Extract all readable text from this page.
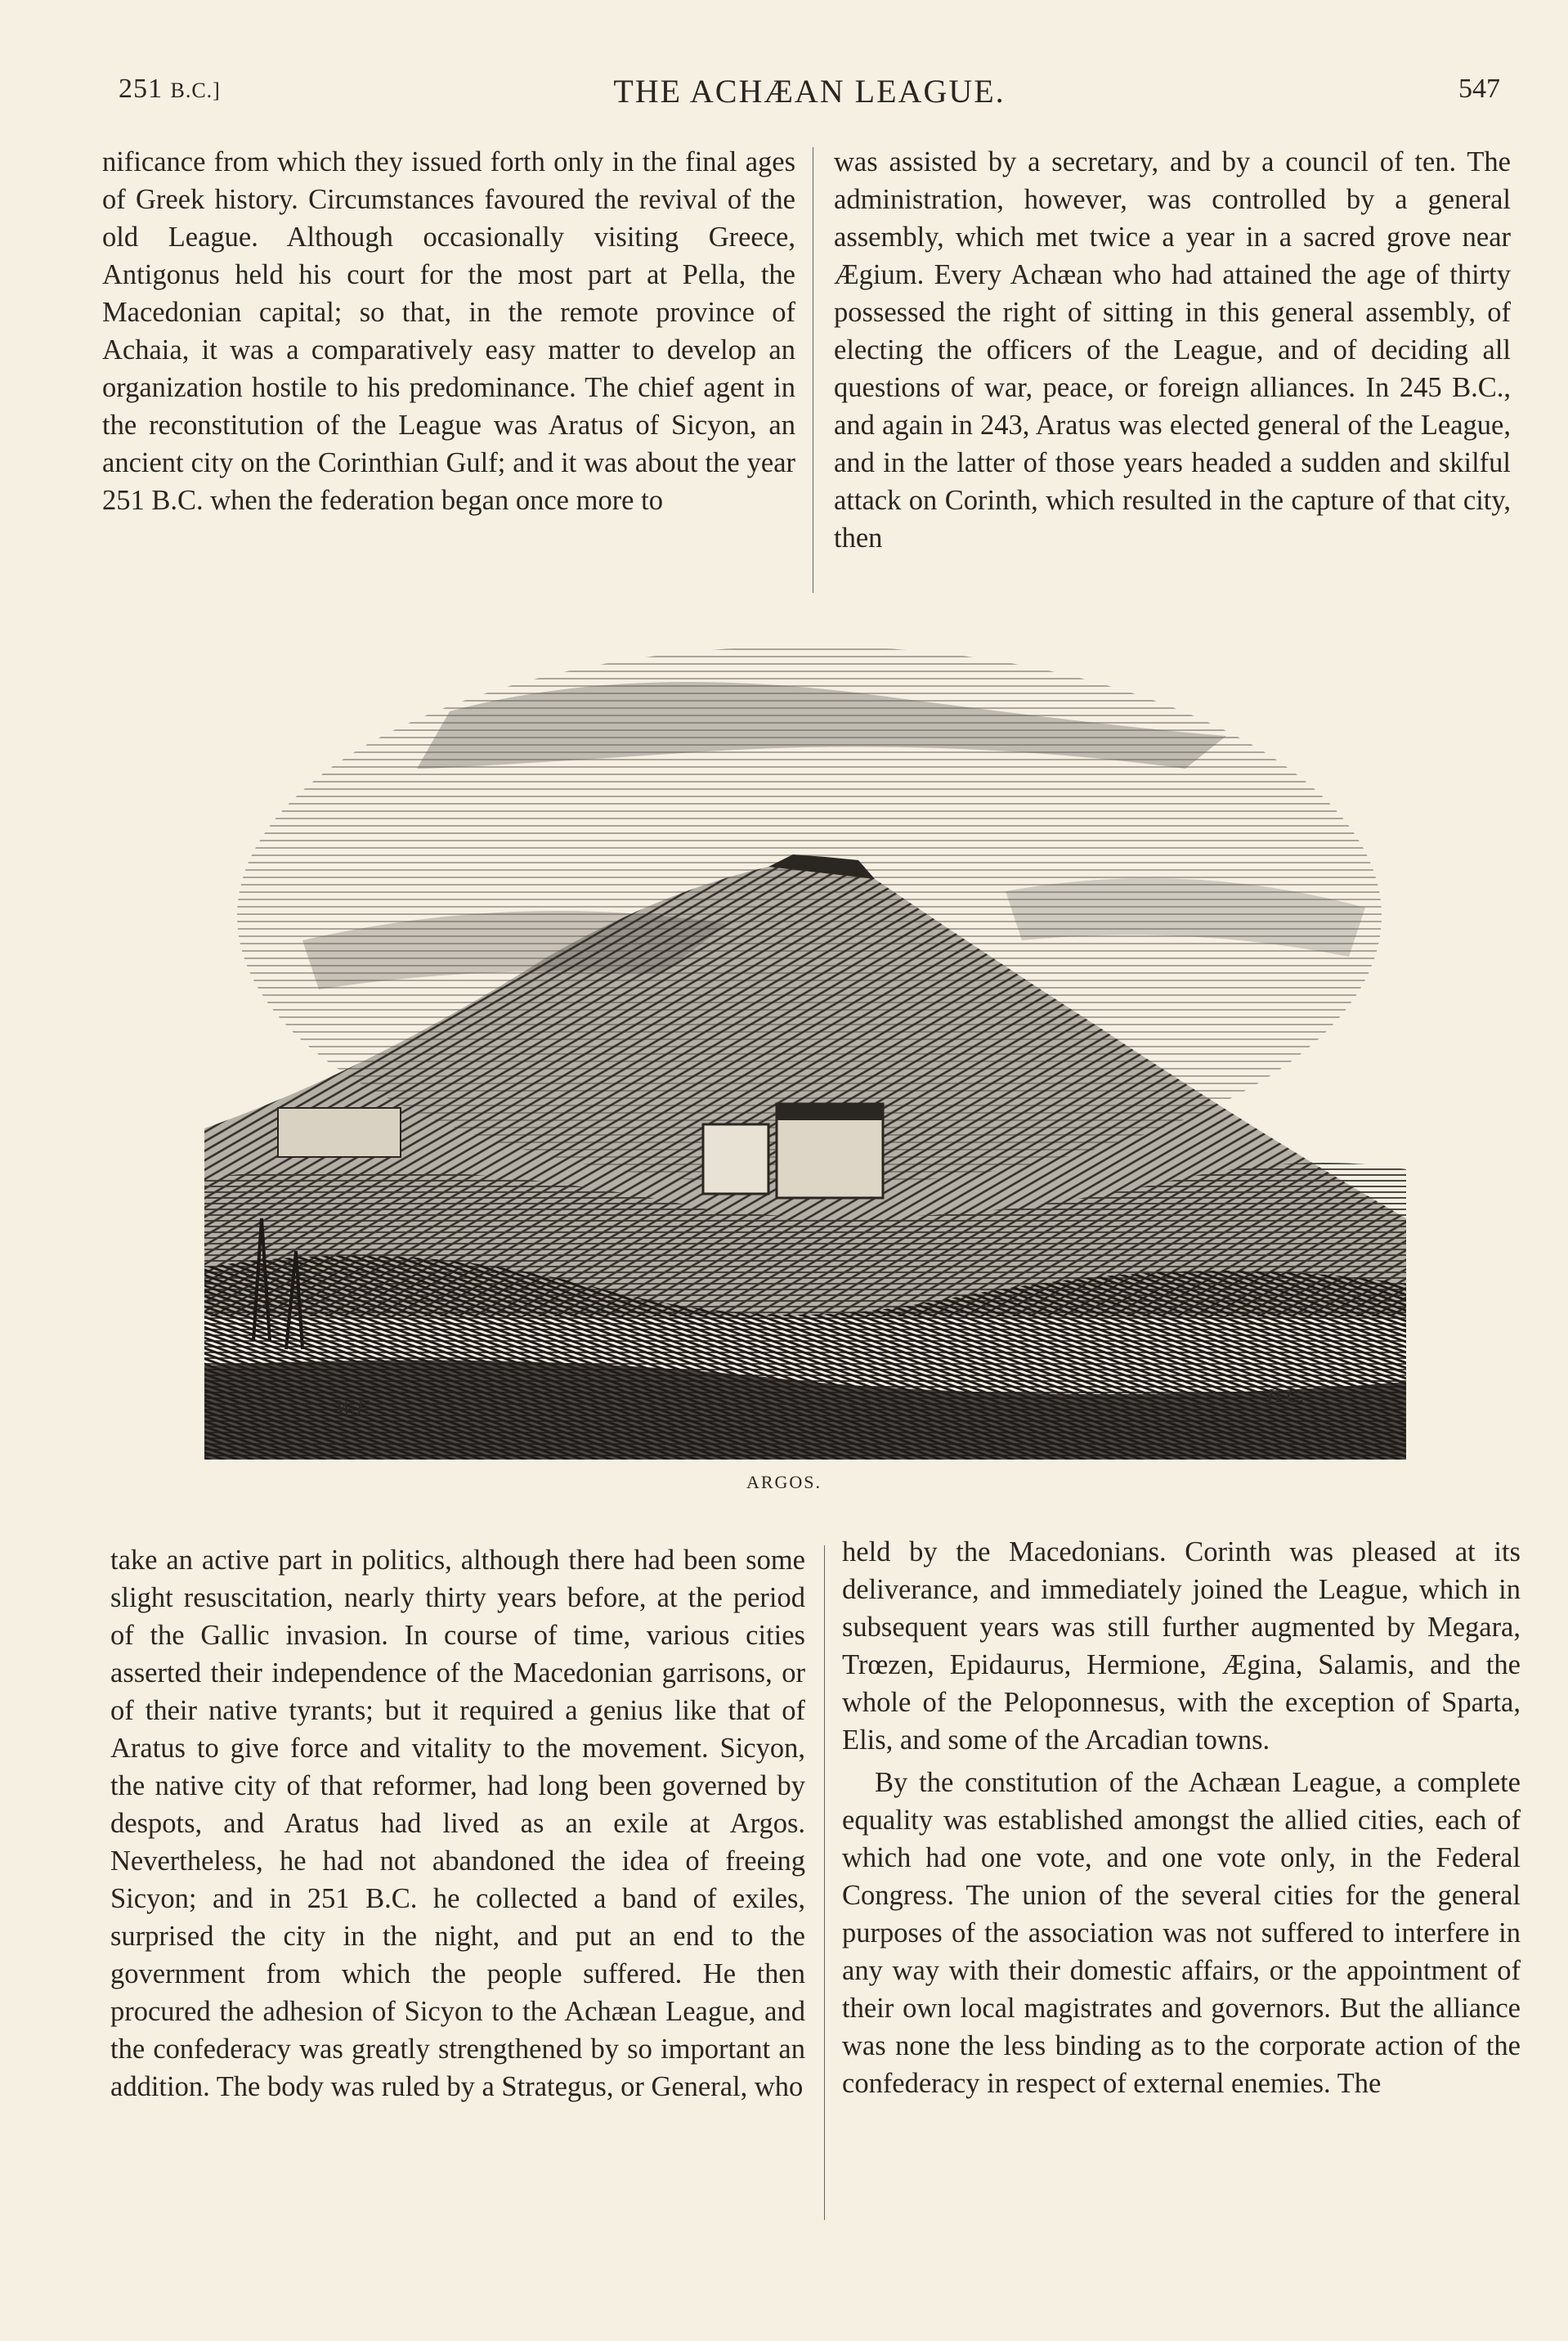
251 B.C.]	THE ACHÆAN LEAGUE.	547

nificance from which they issued forth only in the final ages of Greek history. Circumstances favoured the revival of the old League. Although occasionally visiting Greece, Antigonus held his court for the most part at Pella, the Macedonian capital; so that, in the remote province of Achaia, it was a comparatively easy matter to develop an organization hostile to his predominance. The chief agent in the reconstitution of the League was Aratus of Sicyon, an ancient city on the Corinthian Gulf; and it was about the year 251 B.C. when the federation began once more to

was assisted by a secretary, and by a council of ten. The administration, however, was controlled by a general assembly, which met twice a year in a sacred grove near Ægium. Every Achæan who had attained the age of thirty possessed the right of sitting in this general assembly, of electing the officers of the League, and of deciding all questions of war, peace, or foreign alliances. In 245 B.C., and again in 243, Aratus was elected general of the League, and in the latter of those years headed a sudden and skilful attack on Corinth, which resulted in the capture of that city, then

W.F.	H.C.
ARGOS.

take an active part in politics, although there had been some slight resuscitation, nearly thirty years before, at the period of the Gallic invasion. In course of time, various cities asserted their independence of the Macedonian garrisons, or of their native tyrants; but it required a genius like that of Aratus to give force and vitality to the movement. Sicyon, the native city of that reformer, had long been governed by despots, and Aratus had lived as an exile at Argos. Nevertheless, he had not abandoned the idea of freeing Sicyon; and in 251 B.C. he collected a band of exiles, surprised the city in the night, and put an end to the government from which the people suffered. He then procured the adhesion of Sicyon to the Achæan League, and the confederacy was greatly strengthened by so important an addition. The body was ruled by a Strategus, or General, who

held by the Macedonians. Corinth was pleased at its deliverance, and immediately joined the League, which in subsequent years was still further augmented by Megara, Trœzen, Epidaurus, Hermione, Ægina, Salamis, and the whole of the Peloponnesus, with the exception of Sparta, Elis, and some of the Arcadian towns.

By the constitution of the Achæan League, a complete equality was established amongst the allied cities, each of which had one vote, and one vote only, in the Federal Congress. The union of the several cities for the general purposes of the association was not suffered to interfere in any way with their domestic affairs, or the appointment of their own local magistrates and governors. But the alliance was none the less binding as to the corporate action of the confederacy in respect of external enemies. The
